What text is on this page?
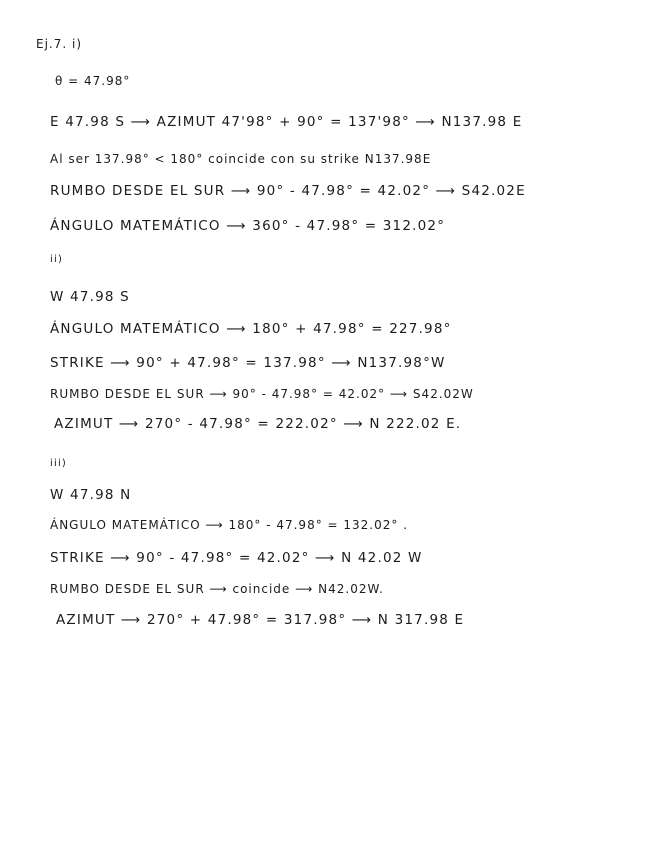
Ej.7. i)
θ = 47.98°
E 47.98 S ⟶ AZIMUT 47'98° + 90° = 137'98° ⟶ N137.98 E
Al ser 137.98° < 180° coincide con su strike N137.98E
RUMBO DESDE EL SUR ⟶ 90° - 47.98° = 42.02° ⟶ S42.02E
ÁNGULO MATEMÁTICO ⟶ 360° - 47.98° = 312.02°
ii)
W 47.98 S
ÁNGULO MATEMÁTICO ⟶ 180° + 47.98° = 227.98°
STRIKE ⟶ 90° + 47.98° = 137.98° ⟶ N137.98°W
RUMBO DESDE EL SUR ⟶ 90° - 47.98° = 42.02° ⟶ S42.02W
AZIMUT ⟶ 270° - 47.98° = 222.02° ⟶ N 222.02 E.
iii)
W 47.98 N
ÁNGULO MATEMÁTICO ⟶ 180° - 47.98° = 132.02° .
STRIKE ⟶ 90° - 47.98° = 42.02° ⟶ N 42.02 W
RUMBO DESDE EL SUR ⟶ coincide ⟶ N42.02W.
AZIMUT ⟶ 270° + 47.98° = 317.98° ⟶ N 317.98 E
